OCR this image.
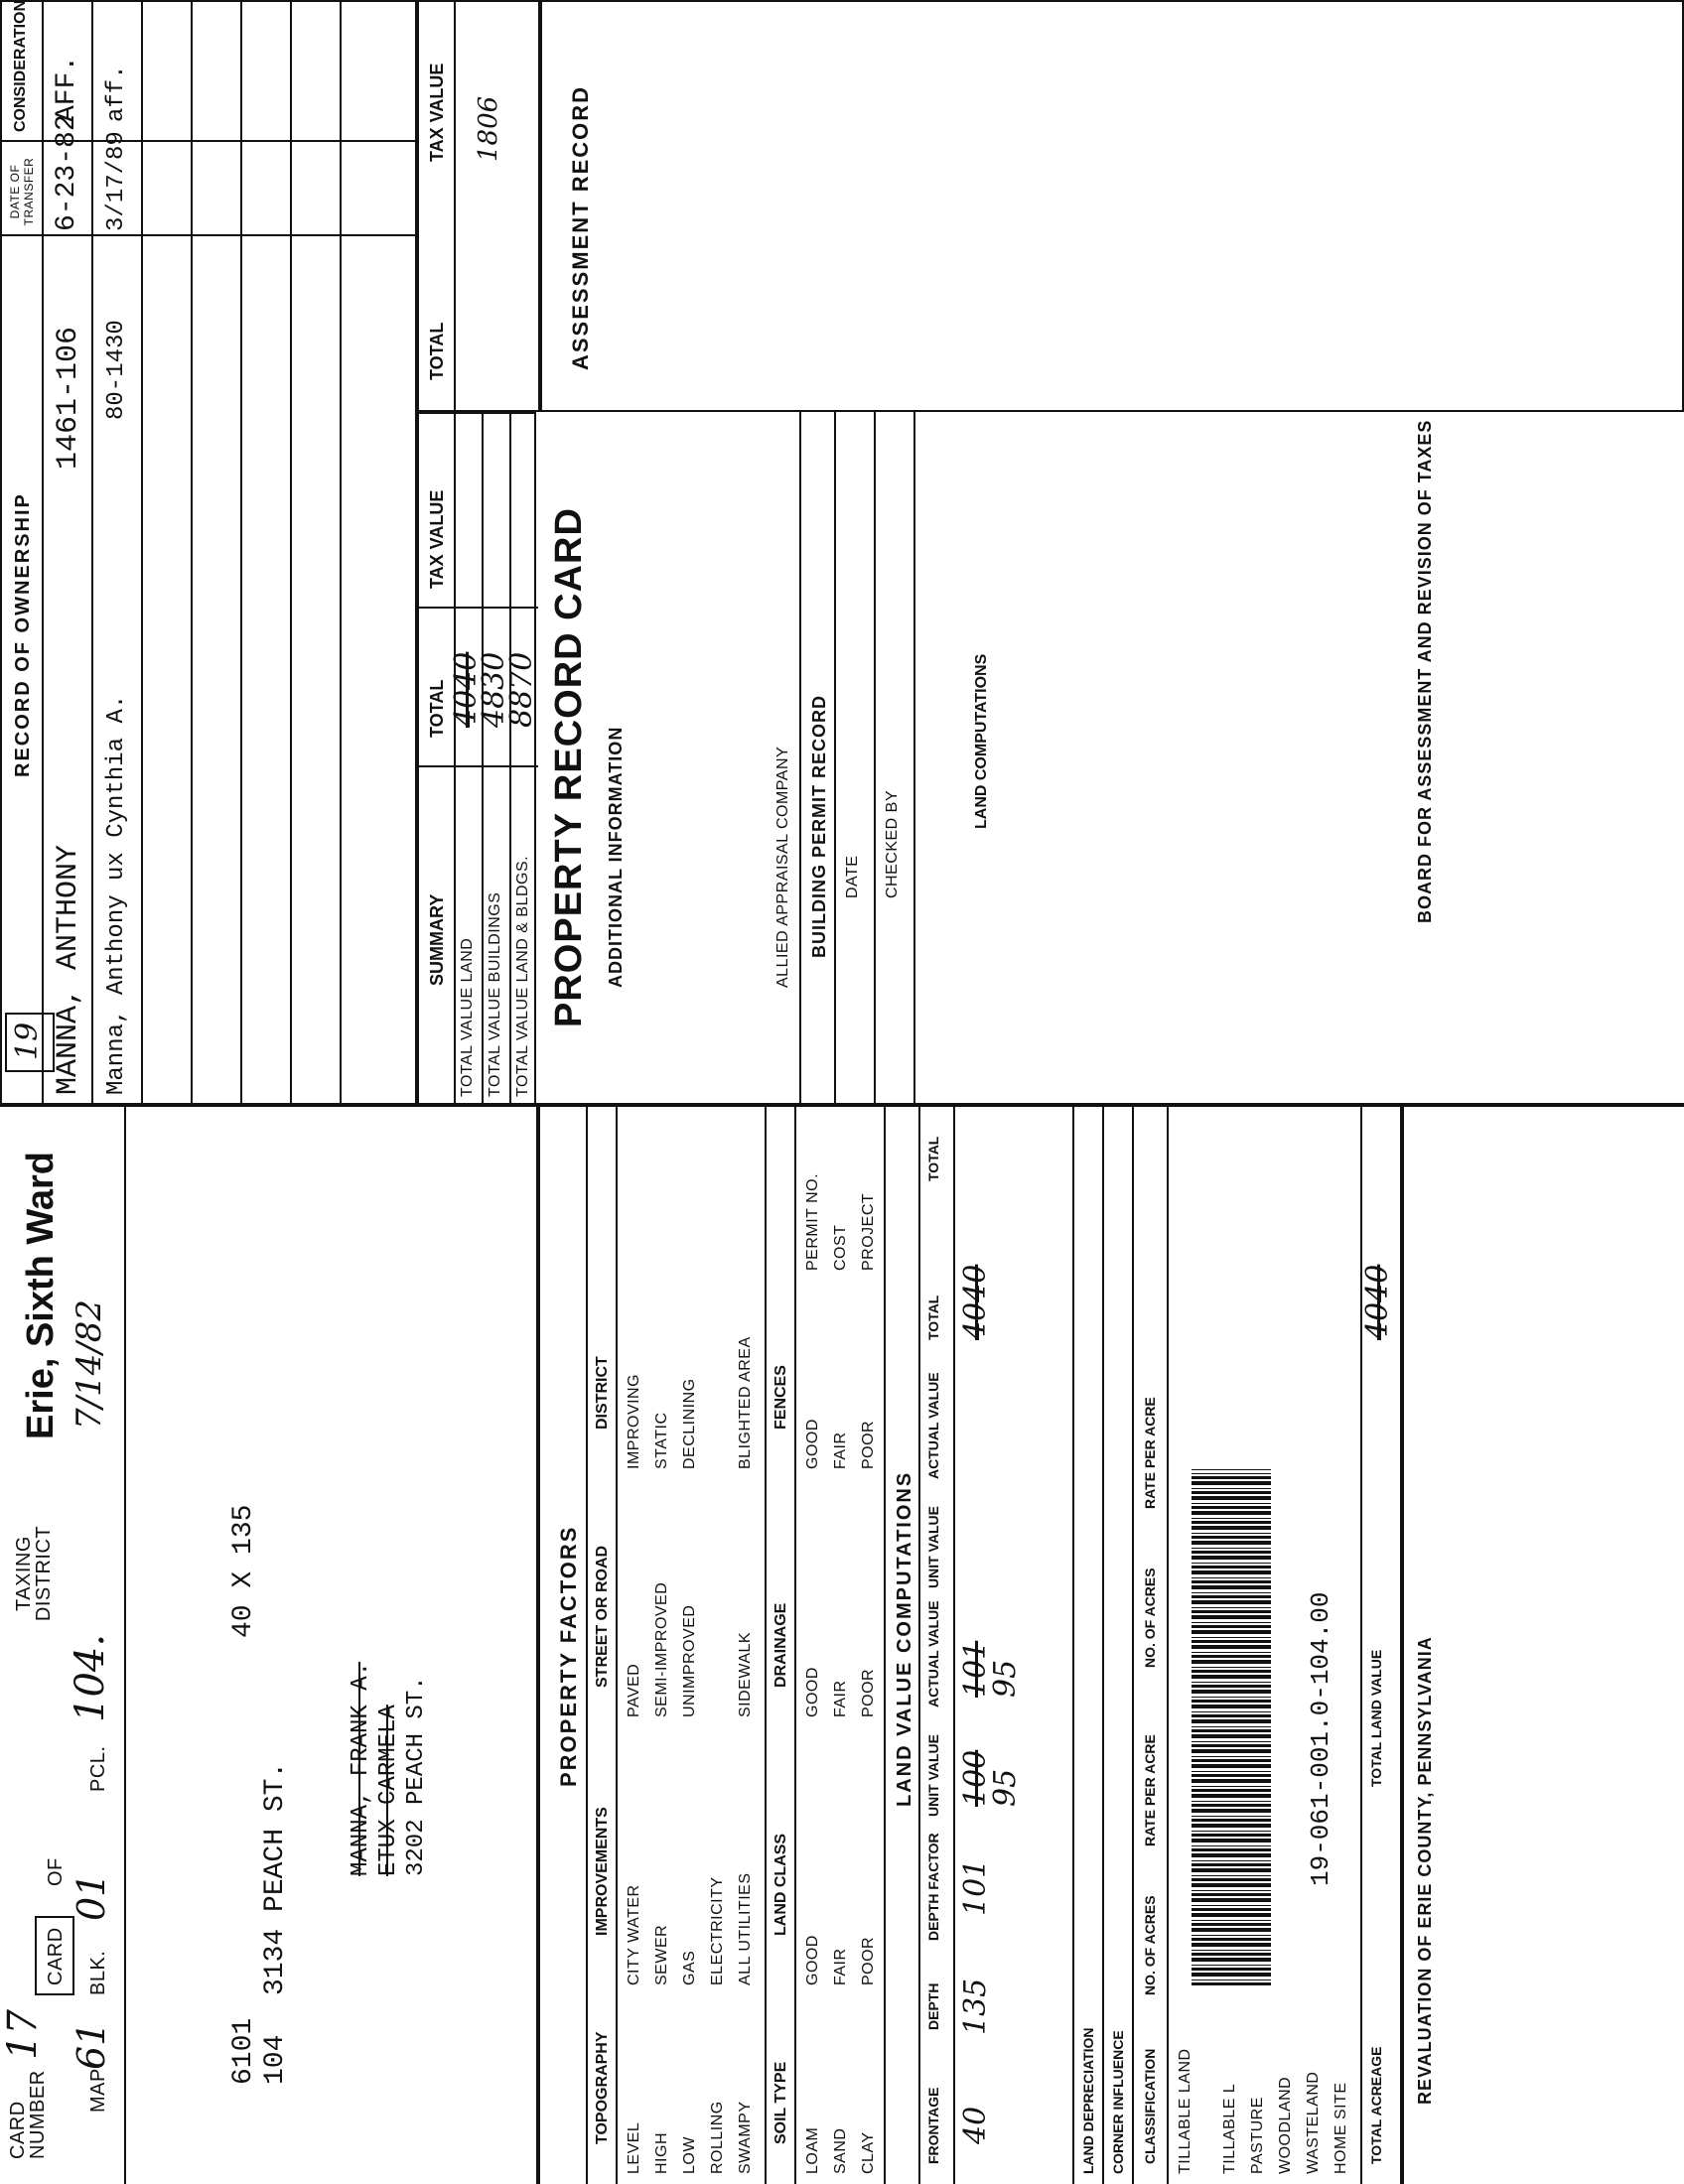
CARD NUMBER
17
MAP
61
BLK.
01
CARD
OF
PCL.
104.
TAXING DISTRICT
Erie, Sixth Ward 7/14/82
19
6101 104
3134 PEACH ST.
40 X 135
MANNA, FRANK A. ETUX CARMELA 3202 PEACH ST.
RECORD OF OWNERSHIP
DATE OF TRANSFER
CONSIDERATION
MANNA, ANTHONY
1461-106
6-23-82
AFF.
Manna, Anthony ux Cynthia A.
80-1430
3/17/89
aff.
SUMMARY
TOTAL
TAX VALUE
TOTAL VALUE LAND TOTAL VALUE BUILDINGS TOTAL VALUE LAND & BLDGS.
4040
4830
8870
TOTAL
TAX VALUE	ASSESSMENT RECORD
1806
PROPERTY RECORD CARD ADDITIONAL INFORMATION	ALLIED APPRAISAL COMPANY BUILDING PERMIT RECORD DATE CHECKED BY
LAND COMPUTATIONS
PROPERTY FACTORS
TOPOGRAPHY
IMPROVEMENTS
STREET OR ROAD
DISTRICT
LEVEL HIGH LOW ROLLING SWAMPY
CITY WATER SEWER GAS ELECTRICITY ALL UTILITIES
PAVED SEMI-IMPROVED UNIMPROVED SIDEWALK
IMPROVING STATIC DECLINING BLIGHTED AREA
SOIL TYPE
LAND CLASS
DRAINAGE
FENCES
LOAM SAND CLAY
GOOD FAIR POOR
GOOD FAIR POOR
GOOD FAIR POOR
PERMIT NO. COST PROJECT
LAND VALUE COMPUTATIONS
FRONTAGE
DEPTH
DEPTH FACTOR
UNIT VALUE
ACTUAL VALUE
UNIT VALUE
ACTUAL VALUE
TOTAL
TOTAL
40
135
101
100
95
101
95
4040
LAND DEPRECIATION CORNER INFLUENCE CLASSIFICATION
NO. OF ACRES
RATE PER ACRE
NO. OF ACRES
RATE PER ACRE
TILLABLE LAND TILLABLE L PASTURE WOODLAND WASTELAND HOME SITE
19-061-001.0-104.00
TOTAL ACREAGE
TOTAL LAND VALUE
4040
REVALUATION OF ERIE COUNTY, PENNSYLVANIA
BOARD FOR ASSESSMENT AND REVISION OF TAXES
